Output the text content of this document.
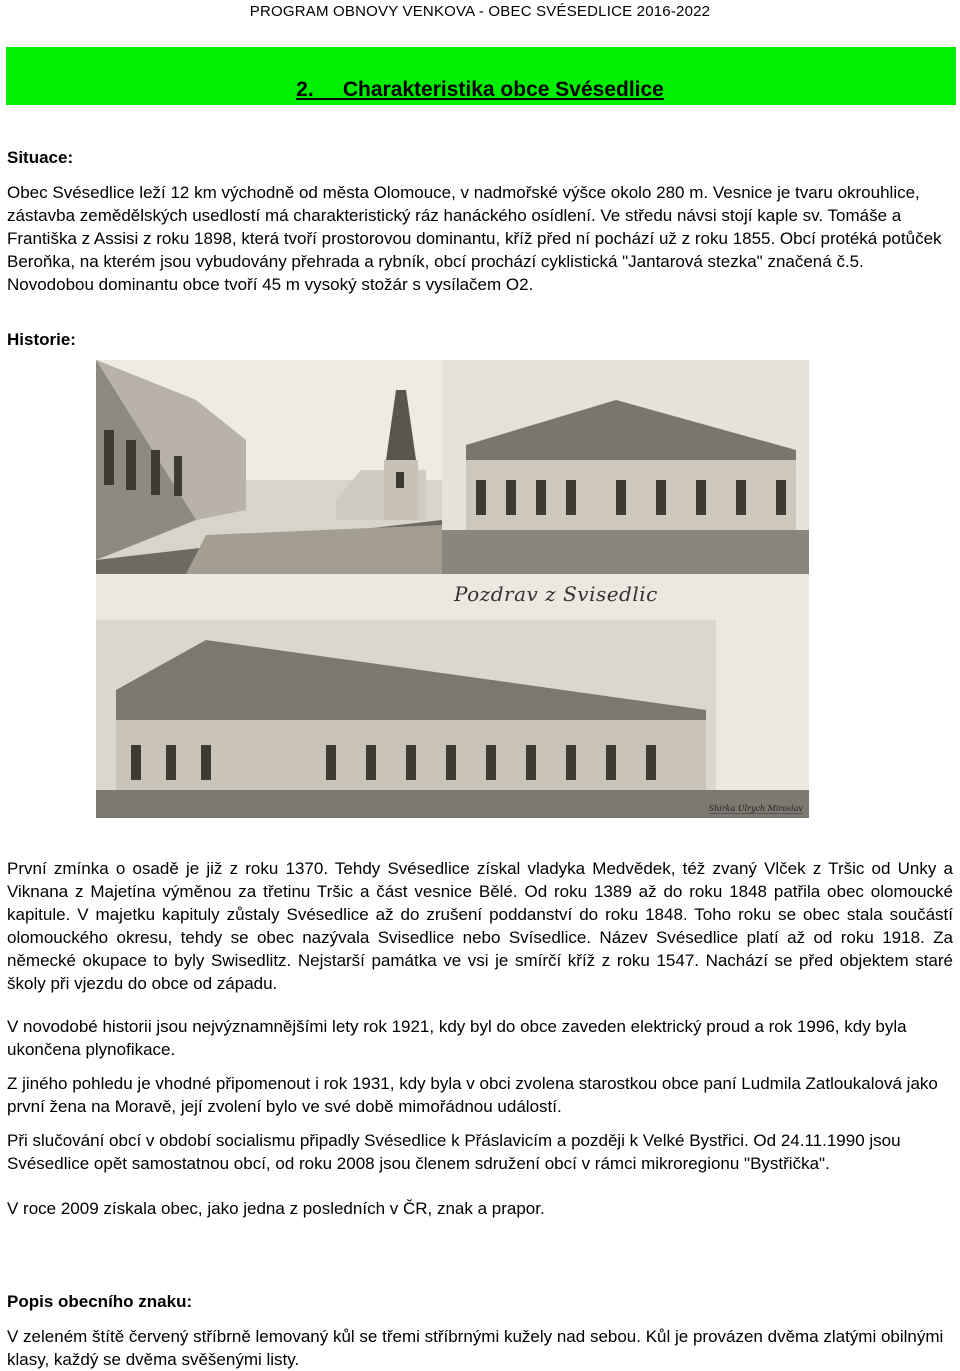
PROGRAM OBNOVY VENKOVA - OBEC SVÉSEDLICE 2016-2022
2. Charakteristika obce Svésedlice
Situace:

Obec Svésedlice leží 12 km východně od města Olomouce, v nadmořské výšce okolo 280 m. Vesnice je tvaru okrouhlice, zástavba zemědělských usedlostí má charakteristický ráz hanáckého osídlení. Ve středu návsi stojí kaple sv. Tomáše a Františka z Assisi z roku 1898, která tvoří prostorovou dominantu, kříž před ní pochází už z roku 1855. Obcí protéká potůček Beroňka, na kterém jsou vybudovány přehrada a rybník, obcí prochází cyklistická "Jantarová stezka" značená č.5. Novodobou dominantu obce tvoří 45 m vysoký stožár s vysílačem O2.

Historie:
Pozdrav z Svisedlic
Shirka Ulrych Miroslav

První zmínka o osadě je již z roku 1370. Tehdy Svésedlice získal vladyka Medvědek, též zvaný Vlček z Tršic od Unky a Viknana z Majetína výměnou za třetinu Tršic a část vesnice Bělé. Od roku 1389 až do roku 1848 patřila obec olomoucké kapitule. V majetku kapituly zůstaly Svésedlice až do zrušení poddanství do roku 1848. Toho roku se obec stala součástí olomouckého okresu, tehdy se obec nazývala Svisedlice nebo Svísedlice. Název Svésedlice platí až od roku 1918. Za německé okupace to byly Swisedlitz. Nejstarší památka ve vsi je smírčí kříž z roku 1547. Nachází se před objektem staré školy při vjezdu do obce od západu.

V novodobé historii jsou nejvýznamnějšími lety rok 1921, kdy byl do obce zaveden elektrický proud a rok 1996, kdy byla ukončena plynofikace.

Z jiného pohledu je vhodné připomenout i rok 1931, kdy byla v obci zvolena starostkou obce paní Ludmila Zatloukalová jako první žena na Moravě, její zvolení bylo ve své době mimořádnou událostí.

Při slučování obcí v období socialismu připadly Svésedlice k Přáslavicím a později k Velké Bystřici. Od 24.11.1990 jsou Svésedlice opět samostatnou obcí, od roku 2008 jsou členem sdružení obcí v rámci mikroregionu "Bystřička".

V roce 2009 získala obec, jako jedna z posledních v ČR, znak a prapor.

Popis obecního znaku:

V zeleném štítě červený stříbrně lemovaný kůl se třemi stříbrnými kužely nad sebou. Kůl je provázen dvěma zlatými obilnými klasy, každý se dvěma svěšenými listy.
